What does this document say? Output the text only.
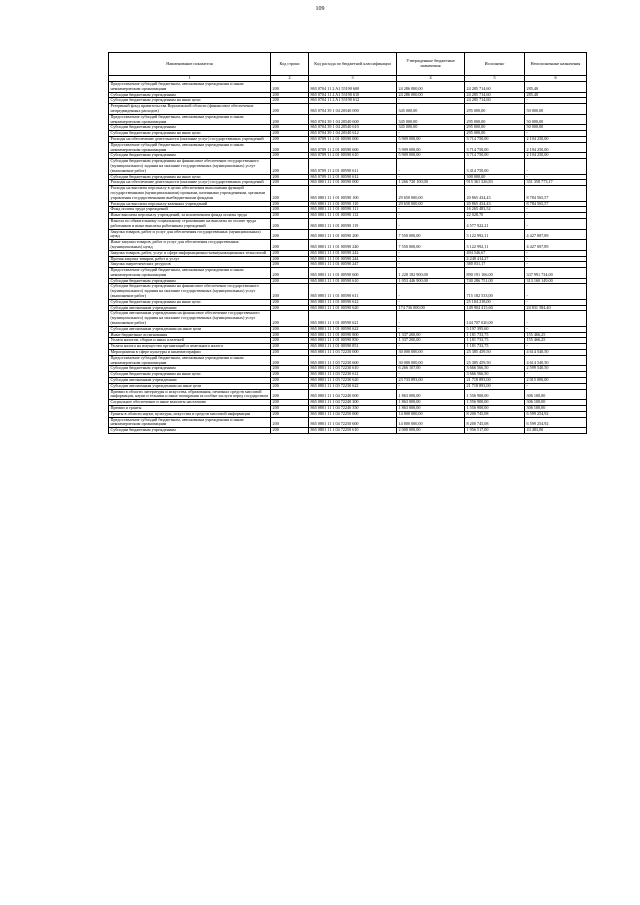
109
Наименование показателя	Код строки	Код расхода по бюджетной классификации	Утвержденные бюджетные назначения	Исполнено	Неисполненные назначения
1	2	3	4	5	6
Предоставление субсидий бюджетным, автономным учреждениям и иным некоммерческим организациям	200	865 0704 11 2 A1 55190 600	24 286 000,00	24 285 714,60	285,40
Субсидии бюджетным учреждениям	200	865 0704 11 2 A1 55190 610	24 286 000,00	24 285 714,60	285,40
Субсидии бюджетным учреждениям на иные цели	200	865 0704 11 2 A1 55190 612	-	24 285 714,60	-
Резервный фонд правительства Воронежской области (финансовое обеспечение непредвиденных расходов)	200	865 0704 39 1 04 20540 000	345 000,00	295 000,00	50 000,00
Предоставление субсидий бюджетным, автономным учреждениям и иным некоммерческим организациям	200	865 0704 39 1 04 20540 600	345 000,00	295 000,00	50 000,00
Субсидии бюджетным учреждениям	200	865 0704 39 1 04 20540 610	345 000,00	295 000,00	50 000,00
Субсидии бюджетным учреждениям на иные цели	200	865 0704 39 1 04 20540 612	-	295 000,00	-
Расходы на обеспечение деятельности (оказание услуг) государственных учреждений	200	865 0709 11 2 01 00590 000	5 909 000,00	3 714 750,00	2 194 250,00
Предоставление субсидий бюджетным, автономным учреждениям и иным некоммерческим организациям	200	865 0709 11 2 01 00590 600	5 909 000,00	3 714 750,00	2 194 250,00
Субсидии бюджетным учреждениям	200	865 0709 11 2 01 00590 610	5 909 000,00	3 714 750,00	2 194 250,00
Субсидии бюджетным учреждениям на финансовое обеспечение государственного (муниципального) задания на оказание государственных (муниципальных) услуг (выполнение работ)	200	865 0709 11 2 01 00590 611	-	3 414 750,00	-
Субсидии бюджетным учреждениям на иные цели	200	865 0709 11 2 01 00590 612	-	300 000,00	-
Расходы на обеспечение деятельности (оказание услуг) государственных учреждений	200	865 0801 11 1 01 00590 000	1 266 720 100,00	915 361 326,83	351 358 773,17
Расходы на выплаты персоналу в целях обеспечения выполнения функций государственными (муниципальными) органами, казенными учреждениями, органами управления государственными внебюджетными фондами	200	865 0801 11 1 01 00590 100	29 650 000,00	20 865 434,43	8 784 565,57
Расходы на выплаты персоналу казенных учреждений	200	865 0801 11 1 01 00590 110	29 650 000,00	20 865 434,43	8 784 565,57
Фонд оплаты труда учреждений	200	865 0801 11 1 01 00590 111	-	16 265 483,52	-
Иные выплаты персоналу учреждений, за исключением фонда оплаты труда	200	865 0801 11 1 01 00590 112	-	22 028,70	-
Взносы по обязательному социальному страхованию на выплаты по оплате труда работников и иные выплаты работникам учреждений	200	865 0801 11 1 01 00590 119	-	4 577 922,21	-
Закупка товаров, работ и услуг для обеспечения государственных (муниципальных) нужд	200	865 0801 11 1 01 00590 200	7 550 000,00	3 122 992,11	4 427 007,89
Иные закупки товаров, работ и услуг для обеспечения государственных (муниципальных) нужд	200	865 0801 11 1 01 00590 240	7 550 000,00	3 122 992,11	4 427 007,89
Закупка товаров, работ, услуг в сфере информационно-коммуникационных технологий	200	865 0801 11 1 01 00590 242	-	494 546,67	-
Прочая закупка товаров, работ и услуг	200	865 0801 11 1 01 00590 244	-	2 248 414,27	-
Закупка энергетических ресурсов	200	865 0801 11 1 01 00590 247	-	380 031,17	-
Предоставление субсидий бюджетным, автономным учреждениям и иным некоммерческим организациям	200	865 0801 11 1 01 00590 600	1 228 182 900,00	890 191 166,00	337 991 734,00
Субсидии бюджетным учреждениям	200	865 0801 11 1 01 00590 610	1 053 446 900,00	740 286 751,00	313 160 149,00
Субсидии бюджетным учреждениям на финансовое обеспечение государственного (муниципального) задания на оказание государственных (муниципальных) услуг (выполнение работ)	200	865 0801 11 1 01 00590 611	-	715 182 533,00	-
Субсидии бюджетным учреждениям на иные цели	200	865 0801 11 1 01 00590 612	-	25 104 218,00	-
Субсидии автономным учреждениям	200	865 0801 11 1 01 00590 620	174 736 000,00	149 904 415,60	24 831 584,40
Субсидии автономным учреждениям на финансовое обеспечение государственного (муниципального) задания на оказание государственных (муниципальных) услуг (выполнение работ)	200	865 0801 11 1 01 00590 621	-	144 707 020,00	-
Субсидии автономным учреждениям на иные цели	200	865 0801 11 1 01 00590 622	-	5 197 395,60	-
Иные бюджетные ассигнования	200	865 0801 11 1 01 00590 800	1 337 200,00	1 181 733,75	155 466,25
Уплата налогов, сборов и иных платежей	200	865 0801 11 1 01 00590 850	1 337 200,00	1 181 733,75	155 466,25
Уплата налога на имущество организаций и земельного налога	200	865 0801 11 1 01 00590 851	-	1 181 733,75	-
Мероприятия в сфере культуры и кинематографии	200	865 0801 11 1 03 72230 000	30 000 000,00	25 385 459,50	4 614 540,50
Предоставление субсидий бюджетным, автономным учреждениям и иным некоммерческим организациям	200	865 0801 11 1 03 72230 600	30 000 000,00	25 385 459,50	4 614 540,50
Субсидии бюджетным учреждениям	200	865 0801 11 1 03 72230 610	6 266 107,00	3 666 566,50	2 599 540,50
Субсидии бюджетным учреждениям на иные цели	200	865 0801 11 1 03 72230 612	-	3 666 566,50	-
Субсидии автономным учреждениям	200	865 0801 11 1 03 72230 620	23 733 893,00	21 718 893,00	2 015 000,00
Субсидии автономным учреждениям на иные цели	200	865 0801 11 1 03 72230 622	-	21 718 893,00	-
Премии в области литературы и искусства, образования, печатных средств массовой информации, науки и техники и иные поощрения за особые заслуги перед государством	200	865 0801 11 1 04 72240 000	1 863 000,00	1 556 900,00	306 100,00
Социальное обеспечение и иные выплаты населению	200	865 0801 11 1 04 72240 300	1 863 000,00	1 556 900,00	306 100,00
Премии и гранты	200	865 0801 11 1 04 72240 350	1 863 000,00	1 556 900,00	306 100,00
Гранты в области науки, культуры, искусства и средств массовой информации	200	865 0801 11 1 04 72250 000	14 800 000,00	8 200 745,08	6 599 254,92
Предоставление субсидий бюджетным, автономным учреждениям и иным некоммерческим организациям	200	865 0801 11 1 04 72250 600	14 800 000,00	8 200 745,08	6 599 254,92
Субсидии бюджетным учреждениям	200	865 0801 11 1 04 72250 610	2 000 000,00	1 956 517,00	43 483,00
